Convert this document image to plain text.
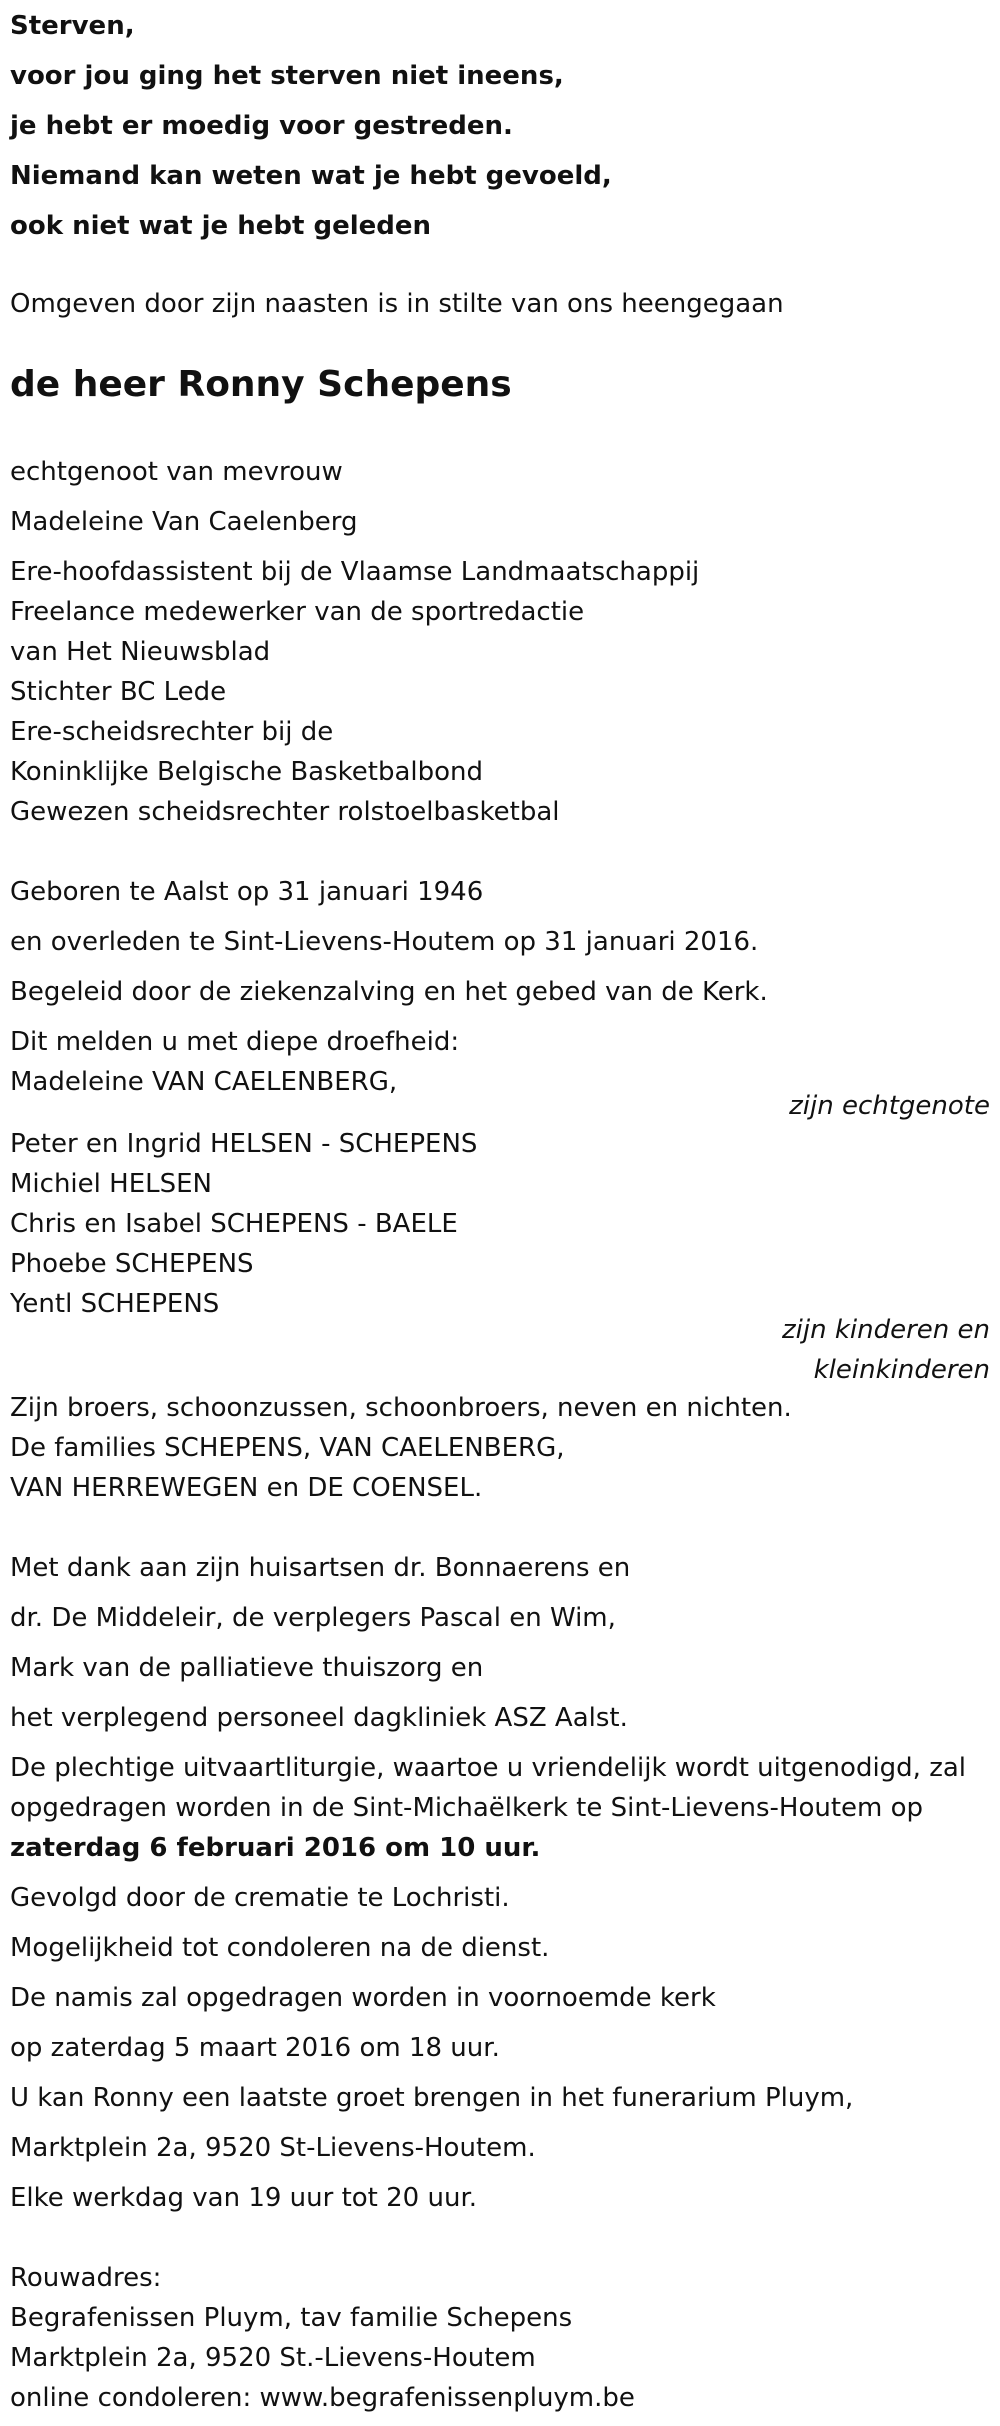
Sterven,
voor jou ging het sterven niet ineens,
je hebt er moedig voor gestreden.
Niemand kan weten wat je hebt gevoeld,
ook niet wat je hebt geleden
Omgeven door zijn naasten is in stilte van ons heengegaan
de heer Ronny Schepens
echtgenoot van mevrouw
Madeleine Van Caelenberg
Ere-hoofdassistent bij de Vlaamse Landmaatschappij
Freelance medewerker van de sportredactie
van Het Nieuwsblad
Stichter BC Lede
Ere-scheidsrechter bij de
Koninklijke Belgische Basketbalbond
Gewezen scheidsrechter rolstoelbasketbal
Geboren te Aalst op 31 januari 1946
en overleden te Sint-Lievens-Houtem op 31 januari 2016.
Begeleid door de ziekenzalving en het gebed van de Kerk.
Dit melden u met diepe droefheid:
Madeleine VAN CAELENBERG,
zijn echtgenote
Peter en Ingrid HELSEN - SCHEPENS
Michiel HELSEN
Chris en Isabel SCHEPENS - BAELE
Phoebe SCHEPENS
Yentl SCHEPENS
zijn kinderen en
kleinkinderen
Zijn broers, schoonzussen, schoonbroers, neven en nichten.
De families SCHEPENS, VAN CAELENBERG,
VAN HERREWEGEN en DE COENSEL.
Met dank aan zijn huisartsen dr. Bonnaerens en
dr. De Middeleir, de verplegers Pascal en Wim,
Mark van de palliatieve thuiszorg en
het verplegend personeel dagkliniek ASZ Aalst.
De plechtige uitvaartliturgie, waartoe u vriendelijk wordt uitgenodigd, zal
opgedragen worden in de Sint-Michaëlkerk te Sint-Lievens-Houtem op
zaterdag 6 februari 2016 om 10 uur.
Gevolgd door de crematie te Lochristi.
Mogelijkheid tot condoleren na de dienst.
De namis zal opgedragen worden in voornoemde kerk
op zaterdag 5 maart 2016 om 18 uur.
U kan Ronny een laatste groet brengen in het funerarium Pluym,
Marktplein 2a, 9520 St-Lievens-Houtem.
Elke werkdag van 19 uur tot 20 uur.
Rouwadres:
Begrafenissen Pluym, tav familie Schepens
Marktplein 2a, 9520 St.-Lievens-Houtem
online condoleren: www.begrafenissenpluym.be
